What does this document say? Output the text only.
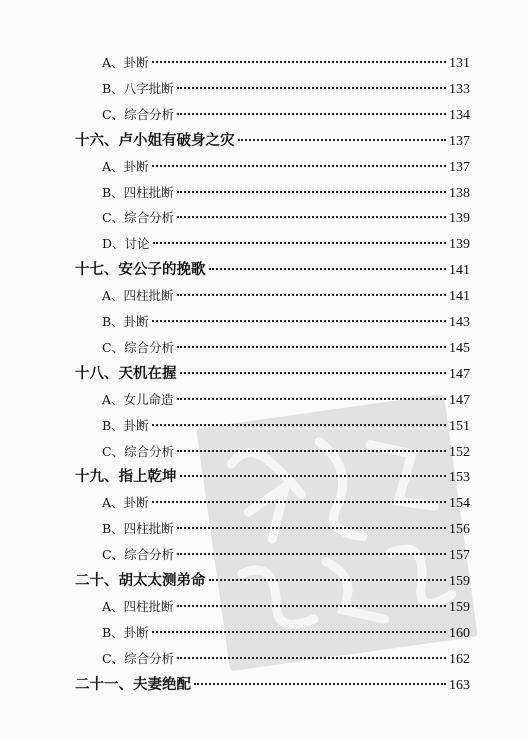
A、卦断	131
B、八字批断	133
C、综合分析	134
十六、卢小姐有破身之灾	137
A、卦断	137
B、四柱批断	138
C、综合分析	139
D、讨论	139
十七、安公子的挽歌	141
A、四柱批断	141
B、卦断	143
C、综合分析	145
十八、天机在握	147
A、女儿命造	147
B、卦断	151
C、综合分析	152
十九、指上乾坤	153
A、卦断	154
B、四柱批断	156
C、综合分析	157
二十、胡太太测弟命	159
A、四柱批断	159
B、卦断	160
C、综合分析	162
二十一、夫妻绝配	163
